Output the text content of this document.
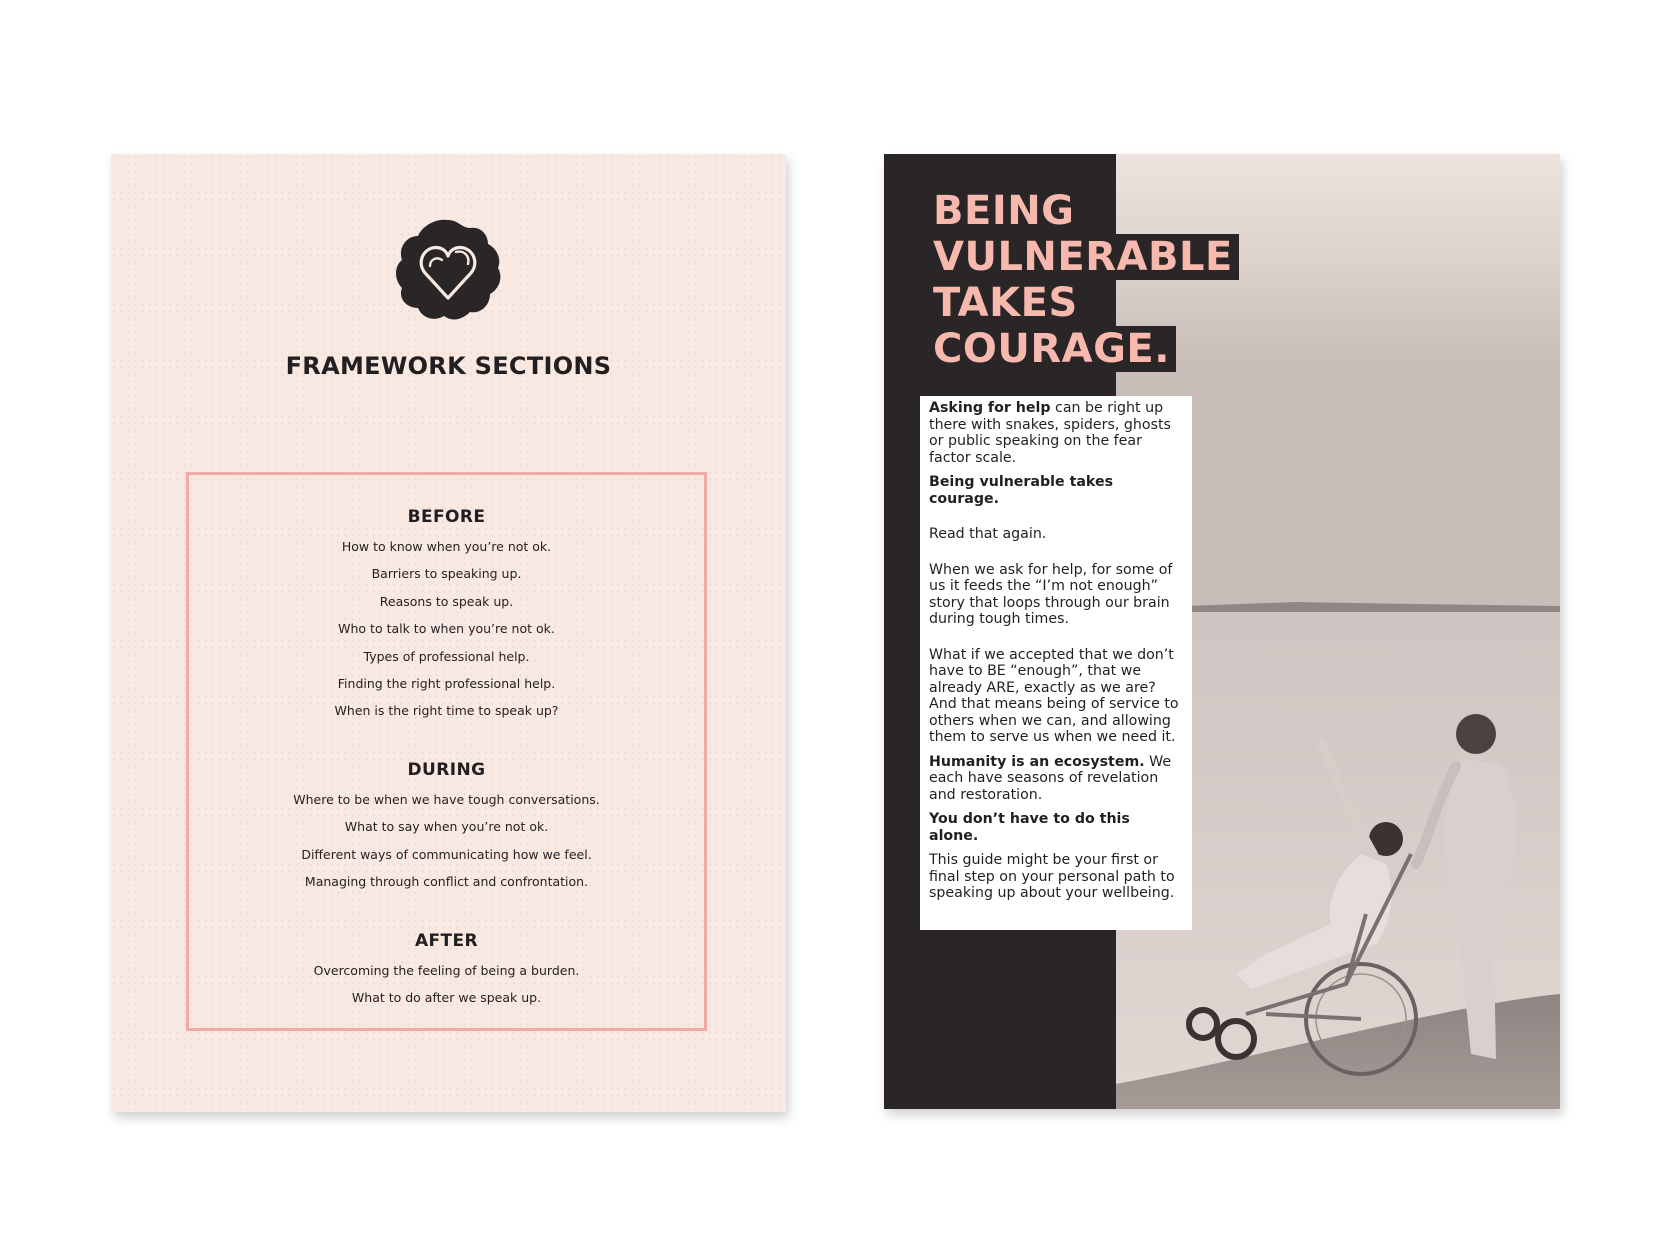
FRAMEWORK SECTIONS
BEFORE
How to know when you’re not ok.
Barriers to speaking up.
Reasons to speak up.
Who to talk to when you’re not ok.
Types of professional help.
Finding the right professional help.
When is the right time to speak up?
DURING
Where to be when we have tough conversations.
What to say when you’re not ok.
Different ways of communicating how we feel.
Managing through conflict and confrontation.
AFTER
Overcoming the feeling of being a burden.
What to do after we speak up.
BEING
VULNERABLE
TAKES
COURAGE.

Asking for help can be right up there with snakes, spiders, ghosts or public speaking on the fear factor scale.

Being vulnerable takes courage.

Read that again.

When we ask for help, for some of us it feeds the “I’m not enough” story that loops through our brain during tough times.

What if we accepted that we don’t have to BE “enough”, that we already ARE, exactly as we are? And that means being of service to others when we can, and allowing them to serve us when we need it.

Humanity is an ecosystem. We each have seasons of revelation and restoration.

You don’t have to do this alone.

This guide might be your first or final step on your personal path to speaking up about your wellbeing.
